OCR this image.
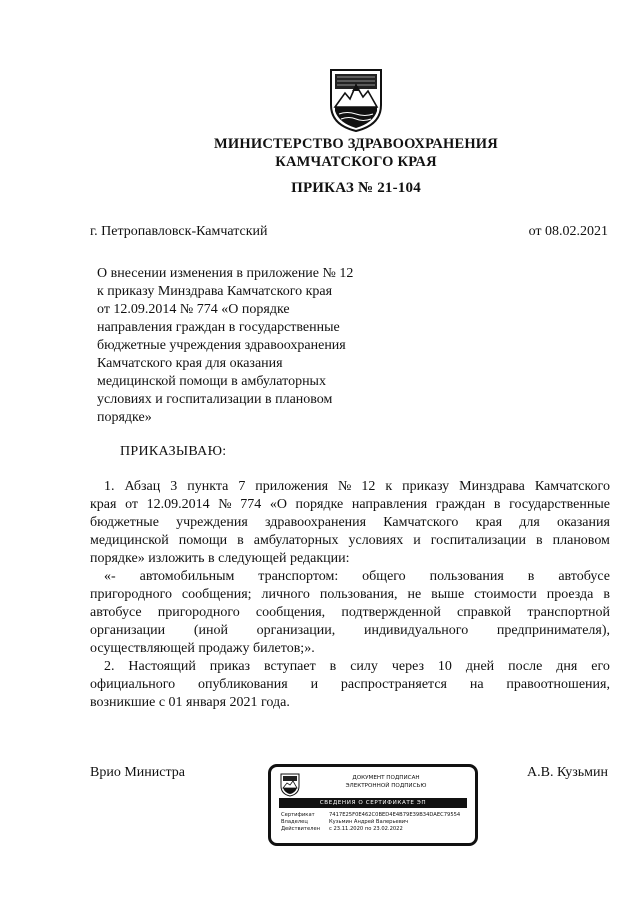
МИНИСТЕРСТВО ЗДРАВООХРАНЕНИЯ
КАМЧАТСКОГО КРАЯ
ПРИКАЗ № 21-104
г. Петропавловск-Камчатский	от 08.02.2021
О внесении изменения в приложение № 12
к приказу Минздрава Камчатского края
от 12.09.2014 № 774 «О порядке
направления граждан в государственные
бюджетные учреждения здравоохранения
Камчатского края для оказания
медицинской помощи в амбулаторных
условиях и госпитализации в плановом
порядке»
ПРИКАЗЫВАЮ:
1. Абзац 3 пункта 7 приложения № 12 к приказу Минздрава Камчатского
края от 12.09.2014 № 774 «О порядке направления граждан в государственные
бюджетные учреждения здравоохранения Камчатского края для оказания
медицинской помощи в амбулаторных условиях и госпитализации в плановом
порядке» изложить в следующей редакции:
«- автомобильным транспортом: общего пользования в автобусе
пригородного сообщения; личного пользования, не выше стоимости проезда в
автобусе пригородного сообщения, подтвержденной справкой транспортной
организации (иной организации, индивидуального предпринимателя),
осуществляющей продажу билетов;».
2. Настоящий приказ вступает в силу через 10 дней после дня его
официального опубликования и распространяется на правоотношения,
возникшие с 01 января 2021 года.
Врио Министра	ДОКУМЕНТ ПОДПИСАН
ЭЛЕКТРОННОЙ ПОДПИСЬЮ
СВЕДЕНИЯ О СЕРТИФИКАТЕ ЭП
Сертификат	7417E25F0E462C0BED4E4B79E39B34DAEC79554
Владелец	Кузьмин Андрей Валерьевич
Действителен с 23.11.2020 по 23.02.2022
А.В. Кузьмин
